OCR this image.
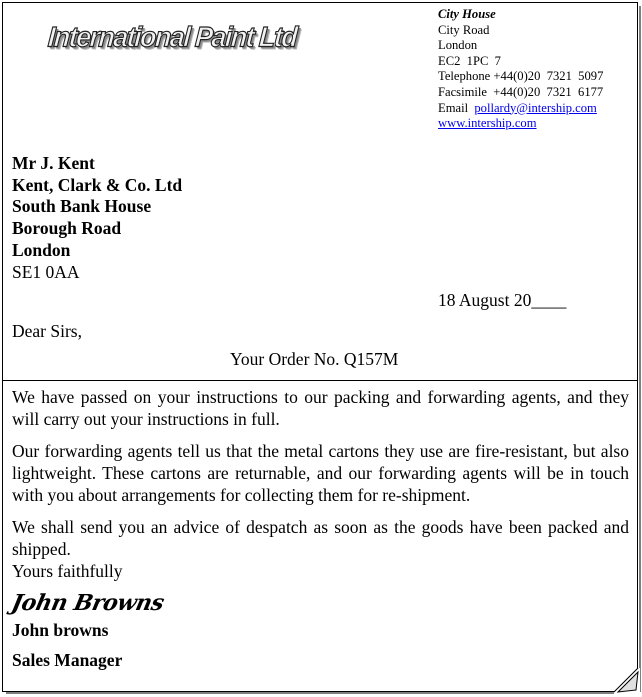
International Paint Ltd
City House
City Road
London
EC2  1PC  7
Telephone +44(0)20  7321  5097
Facsimile  +44(0)20  7321  6177
Email pollardy@intership.com
www.intership.com
Mr J. Kent
Kent, Clark & Co. Ltd
South Bank House
Borough Road
London
SE1 0AA
18 August 20____
Dear Sirs,
Your Order No. Q157M

We have passed on your instructions to our packing and forwarding agents, and they will carry out your instructions in full.

Our forwarding agents tell us that the metal cartons they use are fire-resistant, but also lightweight. These cartons are returnable, and our forwarding agents will be in touch with you about arrangements for collecting them for re-shipment.

We shall send you an advice of despatch as soon as the goods have been packed and shipped.

Yours faithfully
John Browns
John browns
Sales Manager
